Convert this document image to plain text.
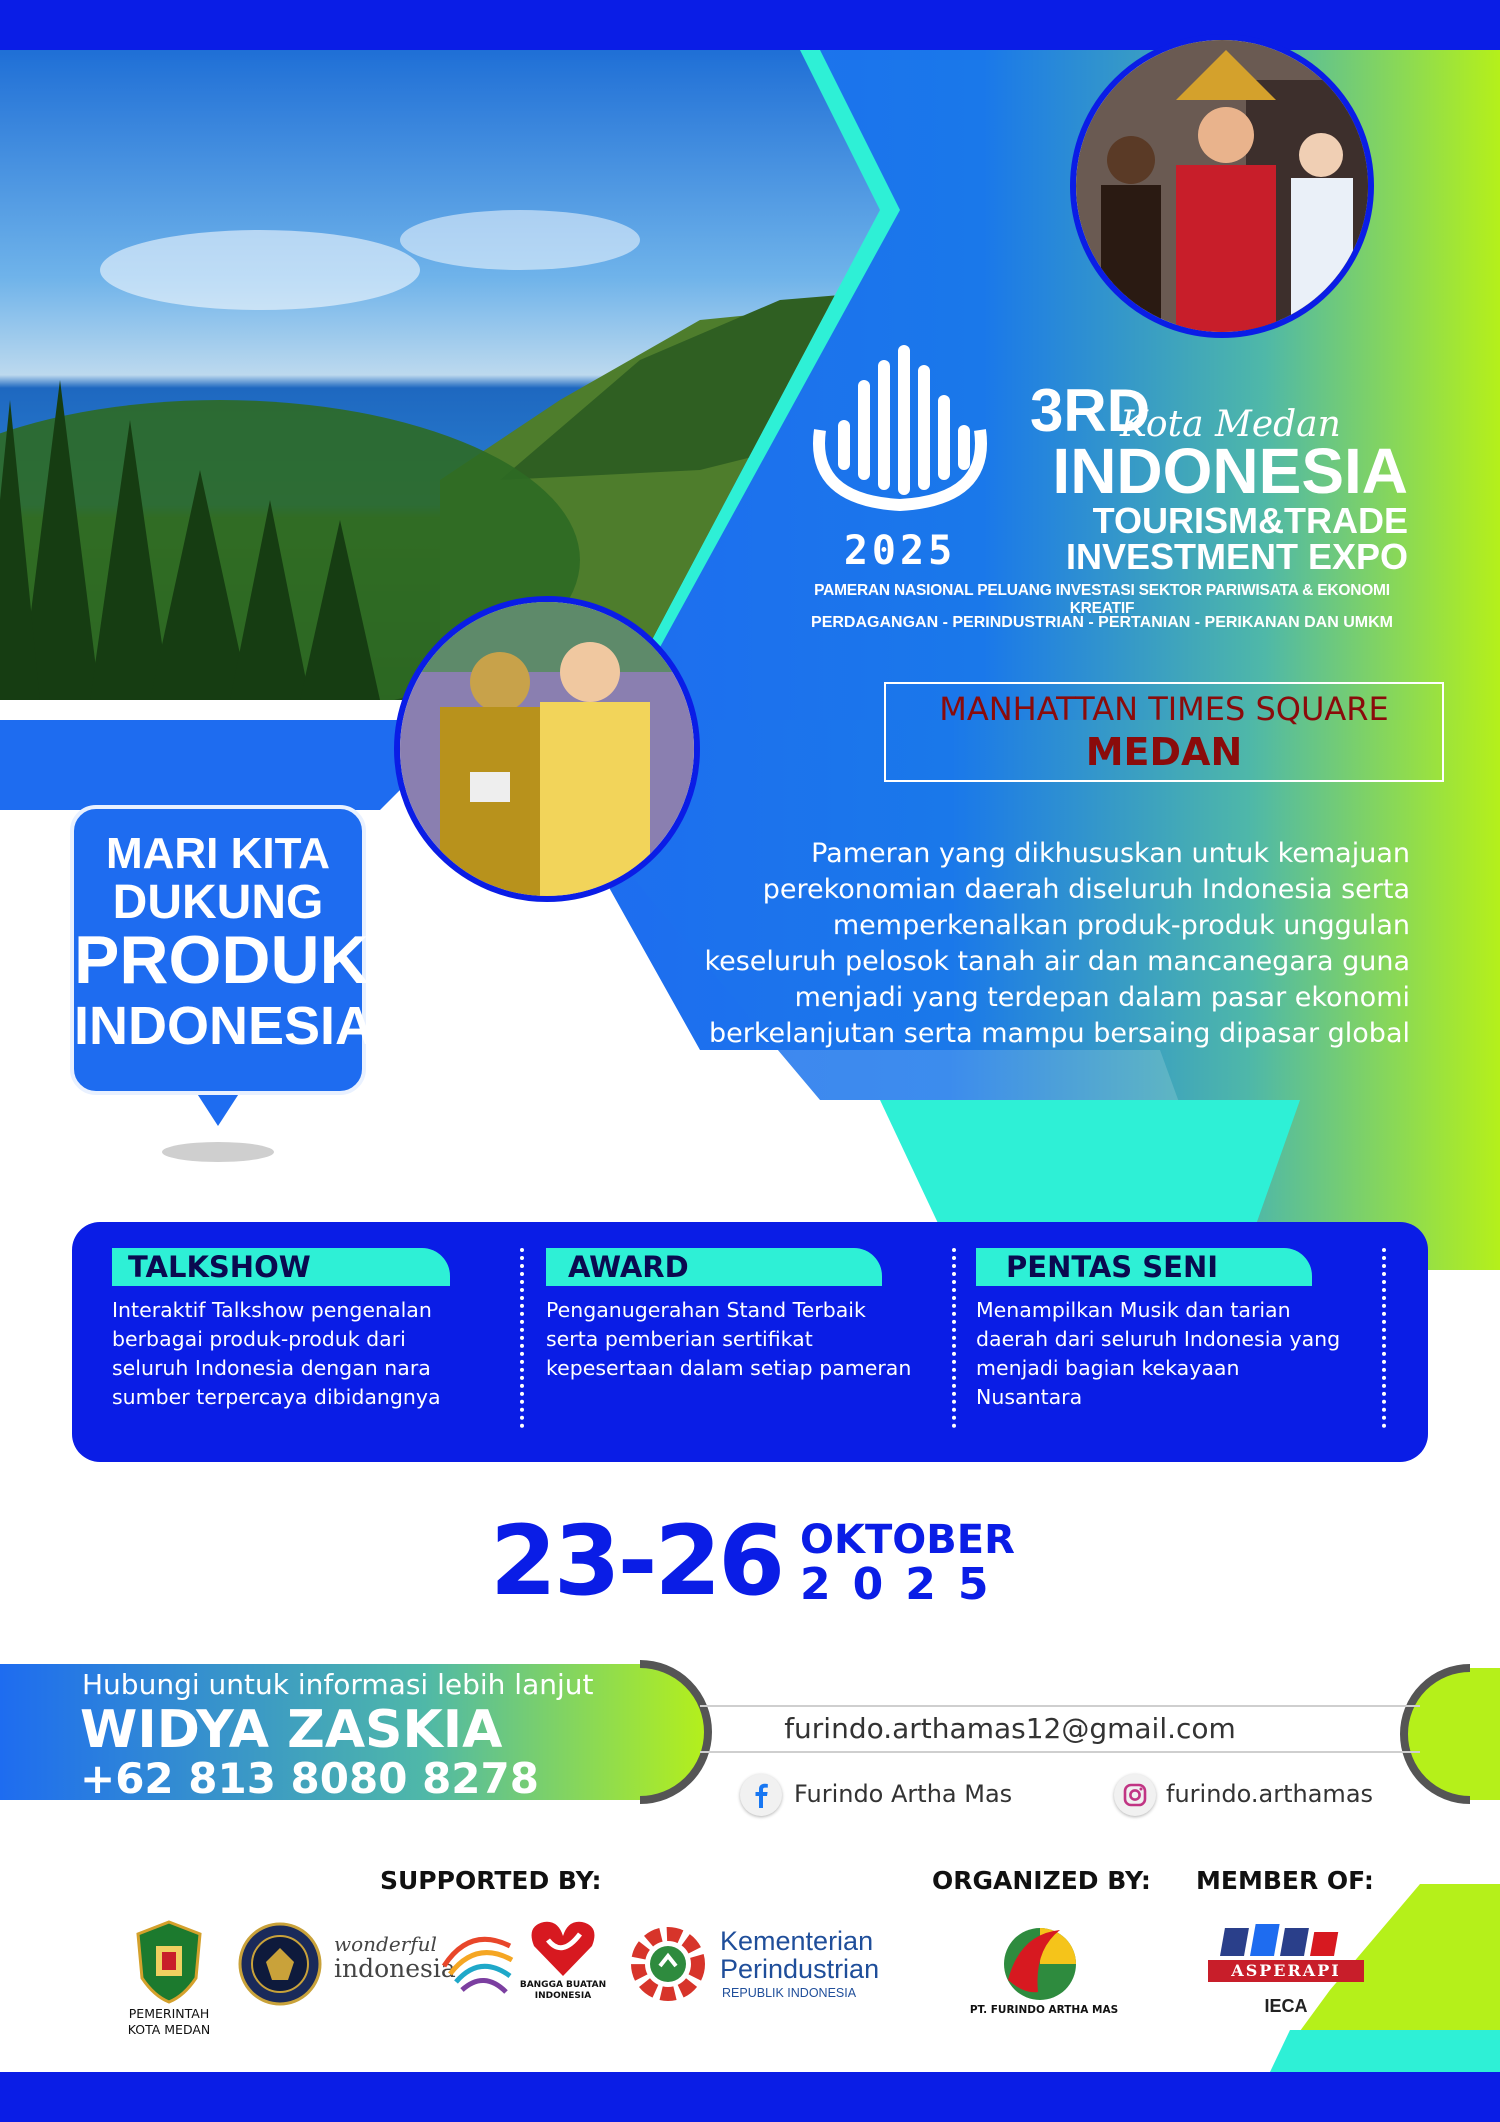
2025
3RD
Kota Medan
INDONESIA
TOURISM&TRADE
INVESTMENT EXPO
PAMERAN NASIONAL PELUANG INVESTASI SEKTOR PARIWISATA & EKONOMI KREATIF
PERDAGANGAN - PERINDUSTRIAN - PERTANIAN - PERIKANAN DAN UMKM
MANHATTAN TIMES SQUARE
MEDAN
Pameran yang dikhususkan untuk kemajuan
perekonomian daerah diseluruh Indonesia serta
memperkenalkan produk-produk unggulan
keseluruh pelosok tanah air dan mancanegara guna
menjadi yang terdepan dalam pasar ekonomi
berkelanjutan serta mampu bersaing dipasar global
MARI KITA
DUKUNG
PRODUK
INDONESIA
TALKSHOW
Interaktif Talkshow pengenalan
berbagai produk-produk dari
seluruh Indonesia dengan nara
sumber terpercaya dibidangnya
AWARD
Penganugerahan Stand Terbaik
serta pemberian sertifikat
kepesertaan dalam setiap pameran
PENTAS SENI
Menampilkan Musik dan tarian
daerah dari seluruh Indonesia yang
menjadi bagian kekayaan
Nusantara
23-26 OKTOBER
2025
Hubungi untuk informasi lebih lanjut
WIDYA ZASKIA
+62 813 8080 8278
furindo.arthamas12@gmail.com
Furindo Artha Mas	furindo.arthamas
SUPPORTED BY:	ORGANIZED BY: MEMBER OF:
PEMERINTAH
KOTA MEDAN
wonderful
indonesia
BANGGA BUATAN
INDONESIA
Kementerian
Perindustrian
REPUBLIK INDONESIA
PT. FURINDO ARTHA MAS
ASPERAPI
IECA
